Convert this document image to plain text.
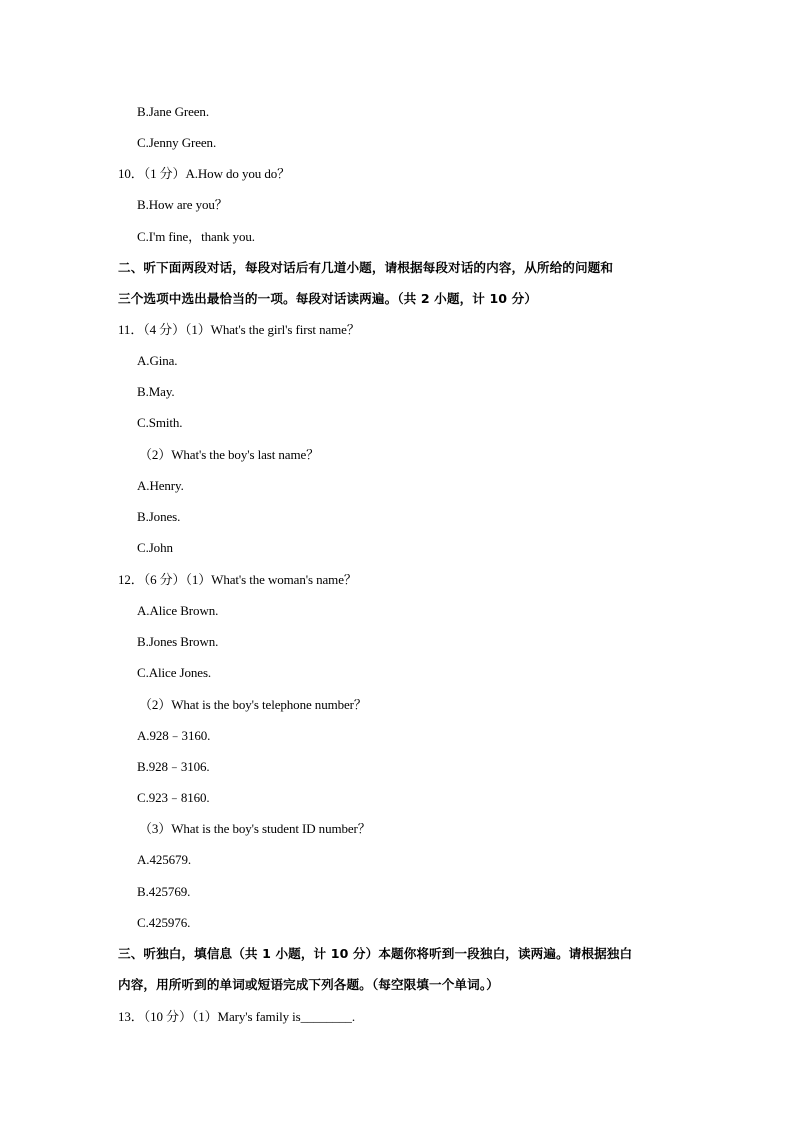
B.Jane Green.
C.Jenny Green.
10．（1 分）A.How do you do？
B.How are you？
C.I'm fine，thank you.
二、听下面两段对话，每段对话后有几道小题，请根据每段对话的内容，从所给的问题和
三个选项中选出最恰当的一项。每段对话读两遍。（共 2 小题，计 10 分）
11．（4 分）（1）What's the girl's first name？
A.Gina.
B.May.
C.Smith.
（2）What's the boy's last name？
A.Henry.
B.Jones.
C.John
12．（6 分）（1）What's the woman's name？
A.Alice Brown.
B.Jones Brown.
C.Alice Jones.
（2）What is the boy's telephone number？
A.928﹣3160.
B.928﹣3106.
C.923﹣8160.
（3）What is the boy's student ID number？
A.425679.
B.425769.
C.425976.
三、听独白，填信息（共 1 小题，计 10 分）本题你将听到一段独白，读两遍。请根据独白
内容，用所听到的单词或短语完成下列各题。（每空限填一个单词。）
13．（10 分）（1）Mary's family is________.
